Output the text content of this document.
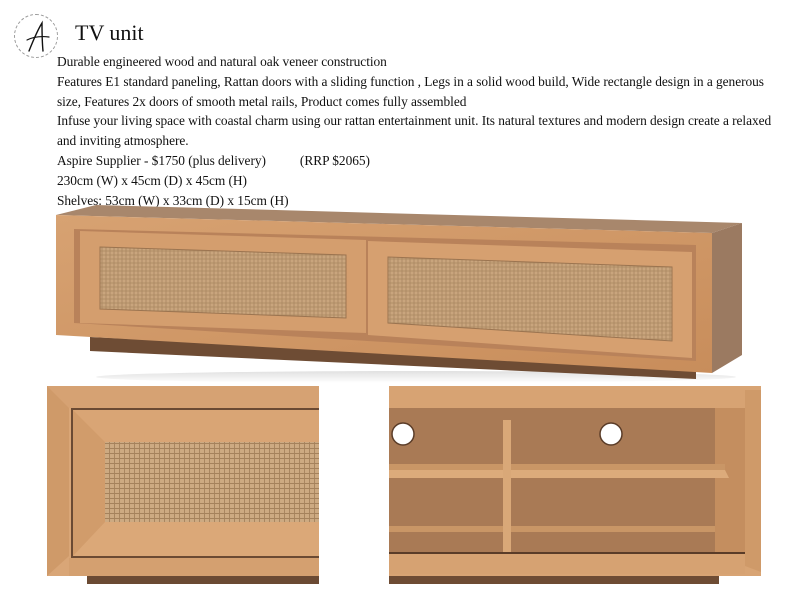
TV unit
Durable engineered wood and natural oak veneer construction
Features E1 standard paneling, Rattan doors with a sliding function , Legs in a solid wood build, Wide rectangle design in a generous size, Features 2x doors of smooth metal rails, Product comes fully assembled
Infuse your living space with coastal charm using our rattan entertainment unit. Its natural textures and modern design create a relaxed and inviting atmosphere.
Aspire Supplier - $1750 (plus delivery)	(RRP $2065)
230cm (W) x 45cm (D) x 45cm (H)
Shelves: 53cm (W) x 33cm (D) x 15cm (H)
